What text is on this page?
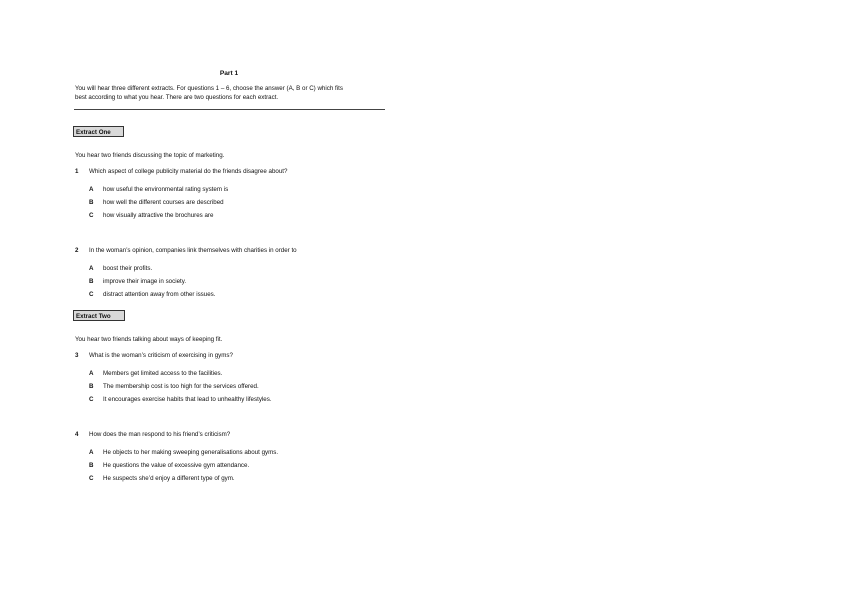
Part 1
You will hear three different extracts. For questions 1 – 6, choose the answer (A, B or C) which fits
best according to what you hear. There are two questions for each extract.
Extract One
You hear two friends discussing the topic of marketing.
1 Which aspect of college publicity material do the friends disagree about?
A how useful the environmental rating system is
B how well the different courses are described
C how visually attractive the brochures are
2 In the woman’s opinion, companies link themselves with charities in order to
A boost their profits.
B improve their image in society.
C distract attention away from other issues.
Extract Two
You hear two friends talking about ways of keeping fit.
3 What is the woman’s criticism of exercising in gyms?
A Members get limited access to the facilities.
B The membership cost is too high for the services offered.
C It encourages exercise habits that lead to unhealthy lifestyles.
4 How does the man respond to his friend’s criticism?
A He objects to her making sweeping generalisations about gyms.
B He questions the value of excessive gym attendance.
C He suspects she’d enjoy a different type of gym.
